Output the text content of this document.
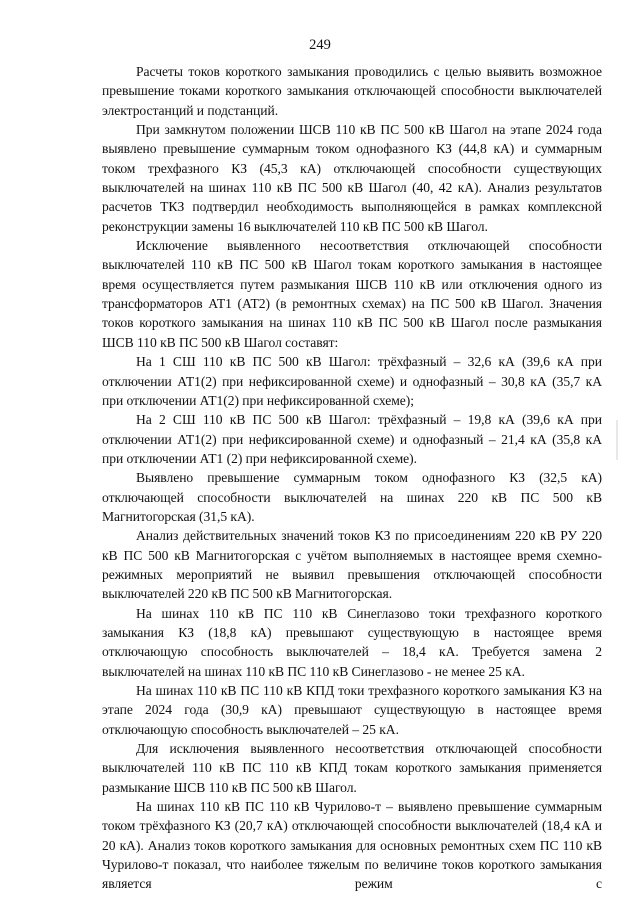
249

Расчеты токов короткого замыкания проводились с целью выявить возможное превышение токами короткого замыкания отключающей способности выключателей электростанций и подстанций.

При замкнутом положении ШСВ 110 кВ ПС 500 кВ Шагол на этапе 2024 года выявлено превышение суммарным током однофазного КЗ (44,8 кА) и суммарным током трехфазного КЗ (45,3 кА) отключающей способности существующих выключателей на шинах 110 кВ ПС 500 кВ Шагол (40, 42 кА). Анализ результатов расчетов ТКЗ подтвердил необходимость выполняющейся в рамках комплексной реконструкции замены 16 выключателей 110 кВ ПС 500 кВ Шагол.

Исключение выявленного несоответствия отключающей способности выключателей 110 кВ ПС 500 кВ Шагол токам короткого замыкания в настоящее время осуществляется путем размыкания ШСВ 110 кВ или отключения одного из трансформаторов АТ1 (АТ2) (в ремонтных схемах) на ПС 500 кВ Шагол. Значения токов короткого замыкания на шинах 110 кВ ПС 500 кВ Шагол после размыкания ШСВ 110 кВ ПС 500 кВ Шагол составят:

На 1 СШ 110 кВ ПС 500 кВ Шагол: трёхфазный – 32,6 кА (39,6 кА при отключении АТ1(2) при нефиксированной схеме) и однофазный – 30,8 кА (35,7 кА при отключении АТ1(2) при нефиксированной схеме);

На 2 СШ 110 кВ ПС 500 кВ Шагол: трёхфазный – 19,8 кА (39,6 кА при отключении АТ1(2) при нефиксированной схеме) и однофазный – 21,4 кА (35,8 кА при отключении АТ1 (2) при нефиксированной схеме).

Выявлено превышение суммарным током однофазного КЗ (32,5 кА) отключающей способности выключателей на шинах 220 кВ ПС 500 кВ Магнитогорская (31,5 кА).

Анализ действительных значений токов КЗ по присоединениям 220 кВ РУ 220 кВ ПС 500 кВ Магнитогорская с учётом выполняемых в настоящее время схемно-режимных мероприятий не выявил превышения отключающей способности выключателей 220 кВ ПС 500 кВ Магнитогорская.

На шинах 110 кВ ПС 110 кВ Синеглазово токи трехфазного короткого замыкания КЗ (18,8 кА) превышают существующую в настоящее время отключающую способность выключателей – 18,4 кА. Требуется замена 2 выключателей на шинах 110 кВ ПС 110 кВ Синеглазово - не менее 25 кА.

На шинах 110 кВ ПС 110 кВ КПД токи трехфазного короткого замыкания КЗ на этапе 2024 года (30,9 кА) превышают существующую в настоящее время отключающую способность выключателей – 25 кА.

Для исключения выявленного несоответствия отключающей способности выключателей 110 кВ ПС 110 кВ КПД токам короткого замыкания применяется размыкание ШСВ 110 кВ ПС 500 кВ Шагол.

На шинах 110 кВ ПС 110 кВ Чурилово-т – выявлено превышение суммарным током трёхфазного КЗ (20,7 кА) отключающей способности выключателей (18,4 кА и 20 кА). Анализ токов короткого замыкания для основных ремонтных схем ПС 110 кВ Чурилово-т показал, что наиболее тяжелым по величине токов короткого замыкания является режим с
